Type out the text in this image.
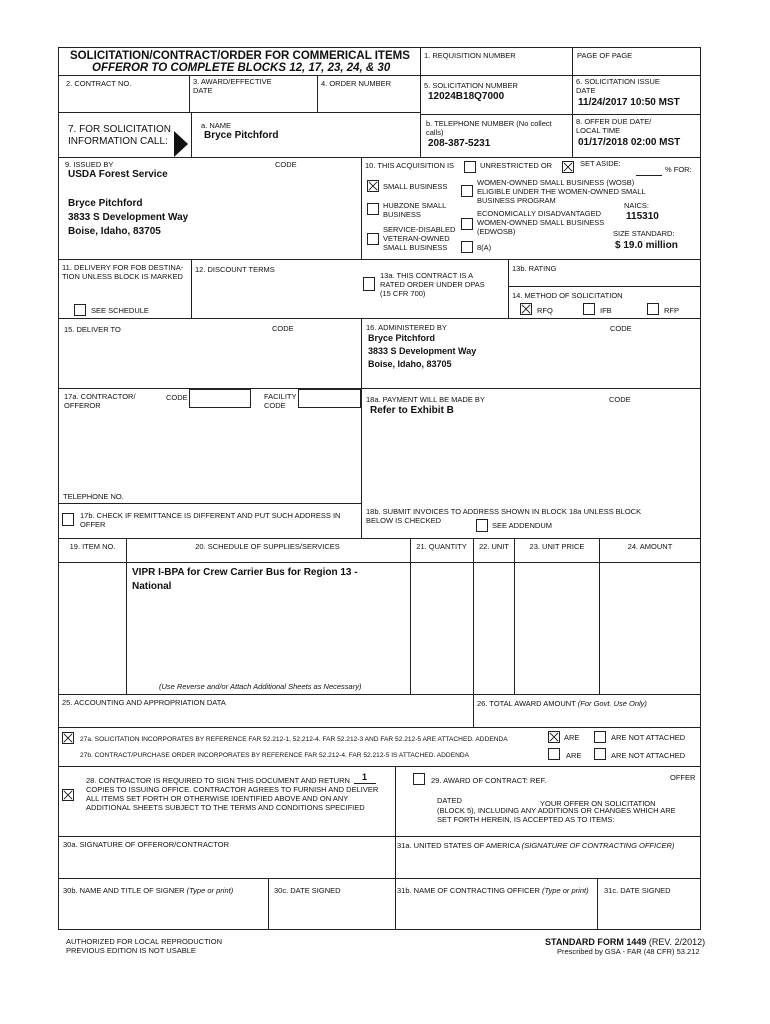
SOLICITATION/CONTRACT/ORDER FOR COMMERICAL ITEMS
OFFEROR TO COMPLETE BLOCKS 12, 17, 23, 24, & 30
1. REQUISITION NUMBER	PAGE OF PAGE
2. CONTRACT NO.	3. AWARD/EFFECTIVE DATE
4. ORDER NUMBER	5. SOLICITATION NUMBER
12024B18Q7000
6. SOLICITATION ISSUE DATE
11/24/2017 10:50 MST
7. FOR SOLICITATION INFORMATION CALL:
a. NAME
Bryce Pitchford
b. TELEPHONE NUMBER (No collect calls)
208-387-5231
8. OFFER DUE DATE/ LOCAL TIME
01/17/2018 02:00 MST
9. ISSUED BY	CODE
USDA Forest Service
Bryce Pitchford
3833 S Development Way
Boise, Idaho, 83705
10. THIS ACQUISITION IS	UNRESTRICTED OR	SET ASIDE:
% FOR:
SMALL BUSINESS
HUBZONE SMALL BUSINESS
SERVICE-DISABLED VETERAN-OWNED SMALL BUSINESS
WOMEN-OWNED SMALL BUSINESS (WOSB) ELIGIBLE UNDER THE WOMEN-OWNED SMALL BUSINESS PROGRAM
ECONOMICALLY DISADVANTAGED WOMEN-OWNED SMALL BUSINESS (EDWOSB)
8(A)
NAICS:
115310
SIZE STANDARD:
$ 19.0 million
11. DELIVERY FOR FOB DESTINA- TION UNLESS BLOCK IS MARKED
SEE SCHEDULE
12. DISCOUNT TERMS
13a. THIS CONTRACT IS A RATED ORDER UNDER DPAS (15 CFR 700)
13b. RATING
14. METHOD OF SOLICITATION
RFQ	IFB	RFP
15. DELIVER TO	CODE	16. ADMINISTERED BY	CODE
Bryce Pitchford
3833 S Development Way
Boise, Idaho, 83705
17a. CONTRACTOR/ OFFEROR
CODE	FACILITY CODE
18a. PAYMENT WILL BE MADE BY	CODE
Refer to Exhibit B
TELEPHONE NO.
17b. CHECK IF REMITTANCE IS DIFFERENT AND PUT SUCH ADDRESS IN OFFER
18b. SUBMIT INVOICES TO ADDRESS SHOWN IN BLOCK 18a UNLESS BLOCK BELOW IS CHECKED
SEE ADDENDUM
19. ITEM NO.	20. SCHEDULE OF SUPPLIES/SERVICES	21. QUANTITY	22. UNIT	23. UNIT PRICE	24. AMOUNT
VIPR I-BPA for Crew Carrier Bus for Region 13 -
National
(Use Reverse and/or Attach Additional Sheets as Necessary)
25. ACCOUNTING AND APPROPRIATION DATA	26. TOTAL AWARD AMOUNT (For Govt. Use Only)
27a. SOLICITATION INCORPORATES BY REFERENCE FAR 52.212-1, 52.212-4. FAR 52.212-3 AND FAR 52.212-5 ARE ATTACHED. ADDENDA	ARE	ARE NOT ATTACHED
27b. CONTRACT/PURCHASE ORDER INCORPORATES BY REFERENCE FAR 52.212-4. FAR 52.212-5 IS ATTACHED. ADDENDA	ARE	ARE NOT ATTACHED
28. CONTRACTOR IS REQUIRED TO SIGN THIS DOCUMENT AND RETURN 1
COPIES TO ISSUING OFFICE. CONTRACTOR AGREES TO FURNISH AND DELIVER ALL ITEMS SET FORTH OR OTHERWISE IDENTIFIED ABOVE AND ON ANY ADDITIONAL SHEETS SUBJECT TO THE TERMS AND CONDITIONS SPECIFIED
29. AWARD OF CONTRACT: REF.	OFFER
DATED	YOUR OFFER ON SOLICITATION
(BLOCK 5), INCLUDING ANY ADDITIONS OR CHANGES WHICH ARE SET FORTH HEREIN, IS ACCEPTED AS TO ITEMS:
30a. SIGNATURE OF OFFEROR/CONTRACTOR	31a. UNITED STATES OF AMERICA (SIGNATURE OF CONTRACTING OFFICER)
30b. NAME AND TITLE OF SIGNER (Type or print)	30c. DATE SIGNED	31b. NAME OF CONTRACTING OFFICER (Type or print) 31c. DATE SIGNED
AUTHORIZED FOR LOCAL REPRODUCTION
PREVIOUS EDITION IS NOT USABLE
STANDARD FORM 1449 (REV. 2/2012)
Prescribed by GSA - FAR (48 CFR) 53.212
